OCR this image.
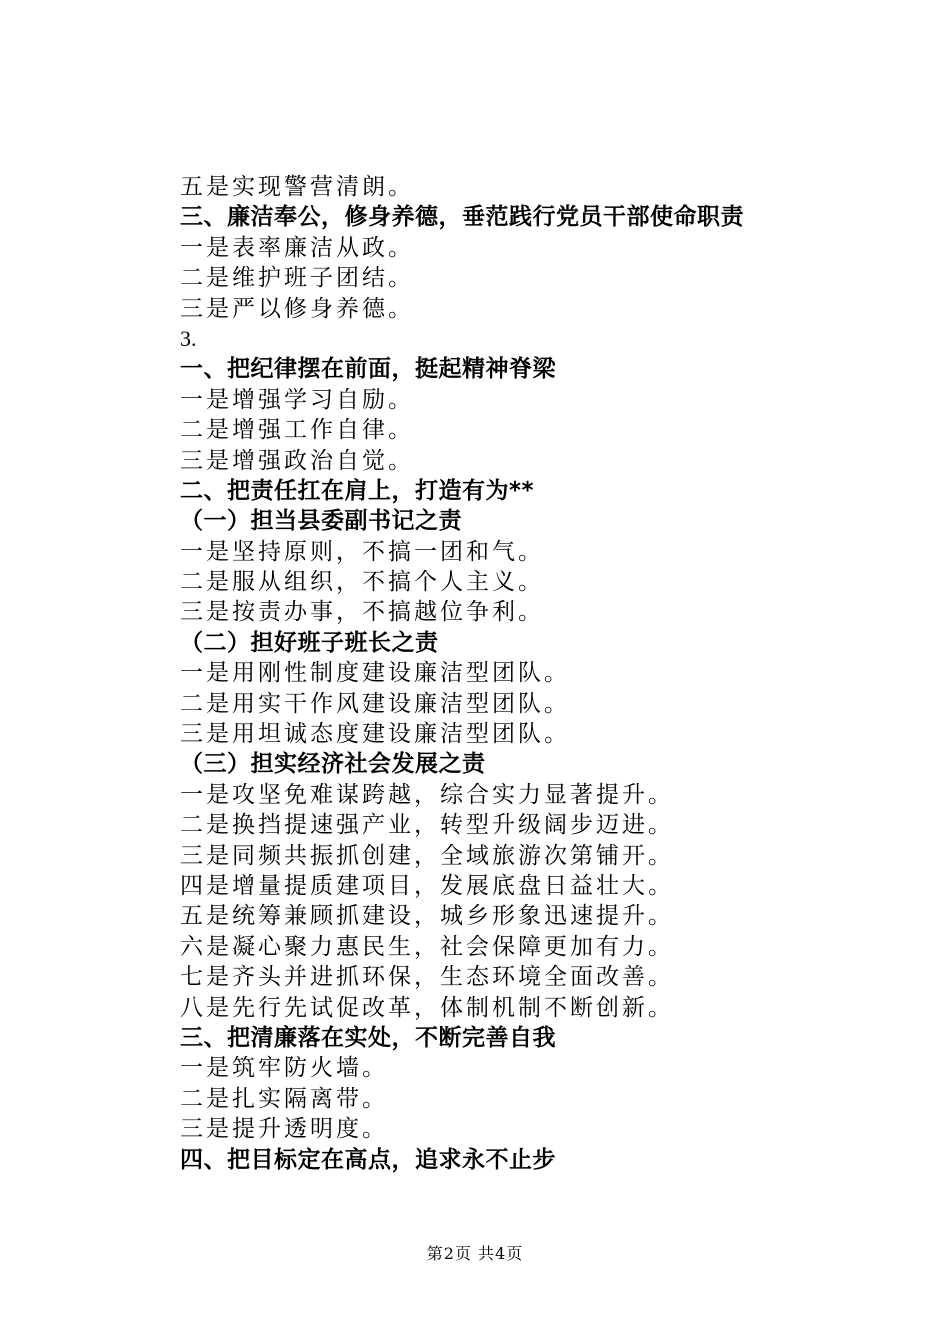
五是实现警营清朗。
三、廉洁奉公，修身养德，垂范践行党员干部使命职责
一是表率廉洁从政。
二是维护班子团结。
三是严以修身养德。
3.
一、把纪律摆在前面，挺起精神脊梁
一是增强学习自励。
二是增强工作自律。
三是增强政治自觉。
二、把责任扛在肩上，打造有为**
（一）担当县委副书记之责
一是坚持原则，不搞一团和气。
二是服从组织，不搞个人主义。
三是按责办事，不搞越位争利。
（二）担好班子班长之责
一是用刚性制度建设廉洁型团队。
二是用实干作风建设廉洁型团队。
三是用坦诚态度建设廉洁型团队。
（三）担实经济社会发展之责
一是攻坚免难谋跨越，综合实力显著提升。
二是换挡提速强产业，转型升级阔步迈进。
三是同频共振抓创建，全域旅游次第铺开。
四是增量提质建项目，发展底盘日益壮大。
五是统筹兼顾抓建设，城乡形象迅速提升。
六是凝心聚力惠民生，社会保障更加有力。
七是齐头并进抓环保，生态环境全面改善。
八是先行先试促改革，体制机制不断创新。
三、把清廉落在实处，不断完善自我
一是筑牢防火墙。
二是扎实隔离带。
三是提升透明度。
四、把目标定在高点，追求永不止步
第2页 共4页
